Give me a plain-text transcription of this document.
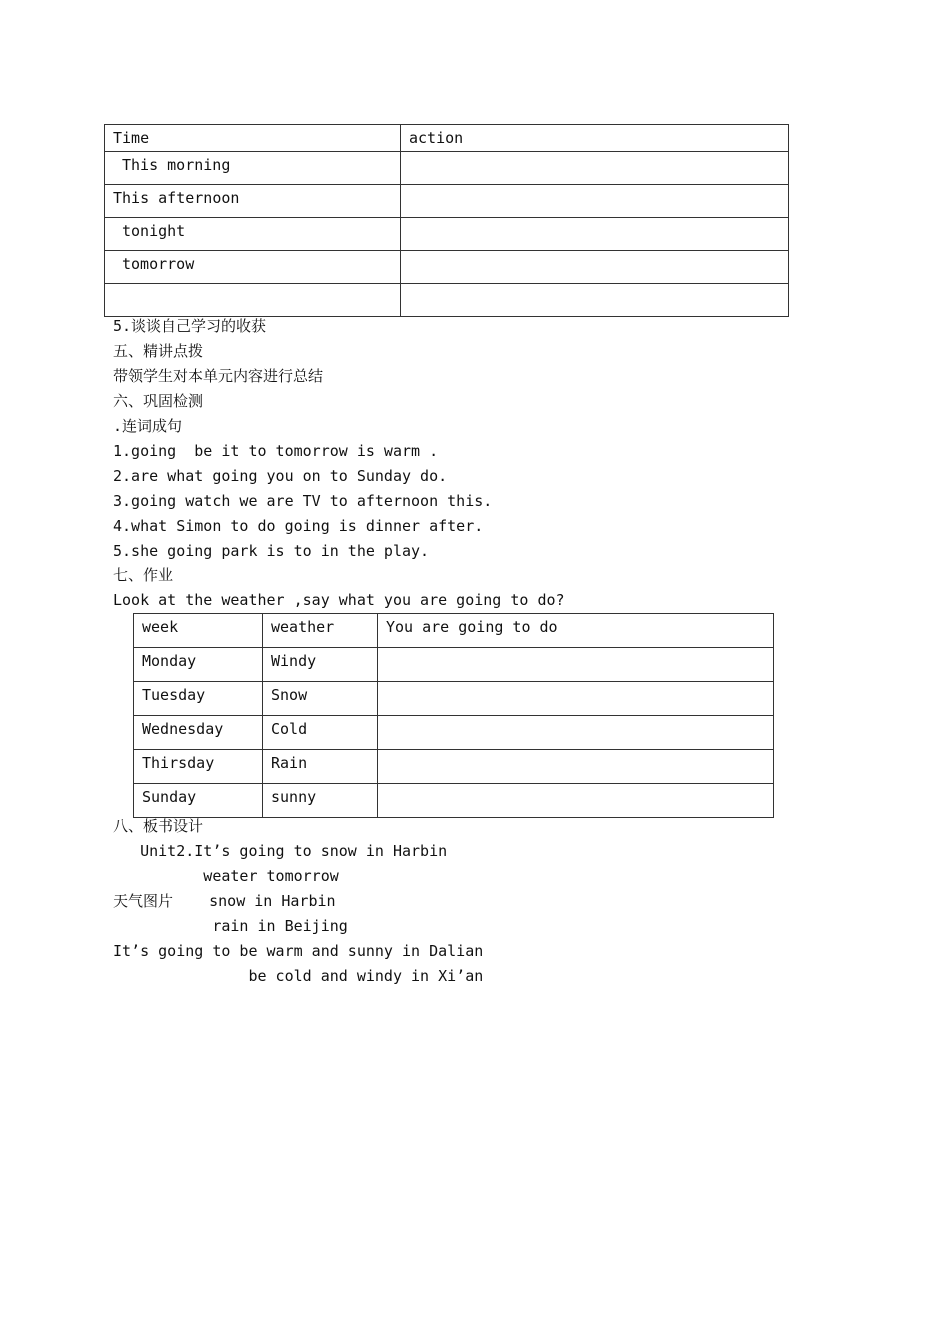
Time	action
This morning	
This afternoon	
tonight	
tomorrow	

5.谈谈自己学习的收获
五、精讲点拨
带领学生对本单元内容进行总结
六、巩固检测
.连词成句
1.going  be it to tomorrow is warm .
2.are what going you on to Sunday do.
3.going watch we are TV to afternoon this.
4.what Simon to do going is dinner after.
5.she going park is to in the play.
七、作业
Look at the weather ,say what you are going to do?
week	weather	You are going to do
Monday	Windy	
Tuesday	Snow	
Wednesday	Cold	
Thirsday	Rain	
Sunday	sunny	
八、板书设计
Unit2.It’s going to snow in Harbin
weater tomorrow
天气图片    snow in Harbin
rain in Beijing
It’s going to be warm and sunny in Dalian
be cold and windy in Xi’an
